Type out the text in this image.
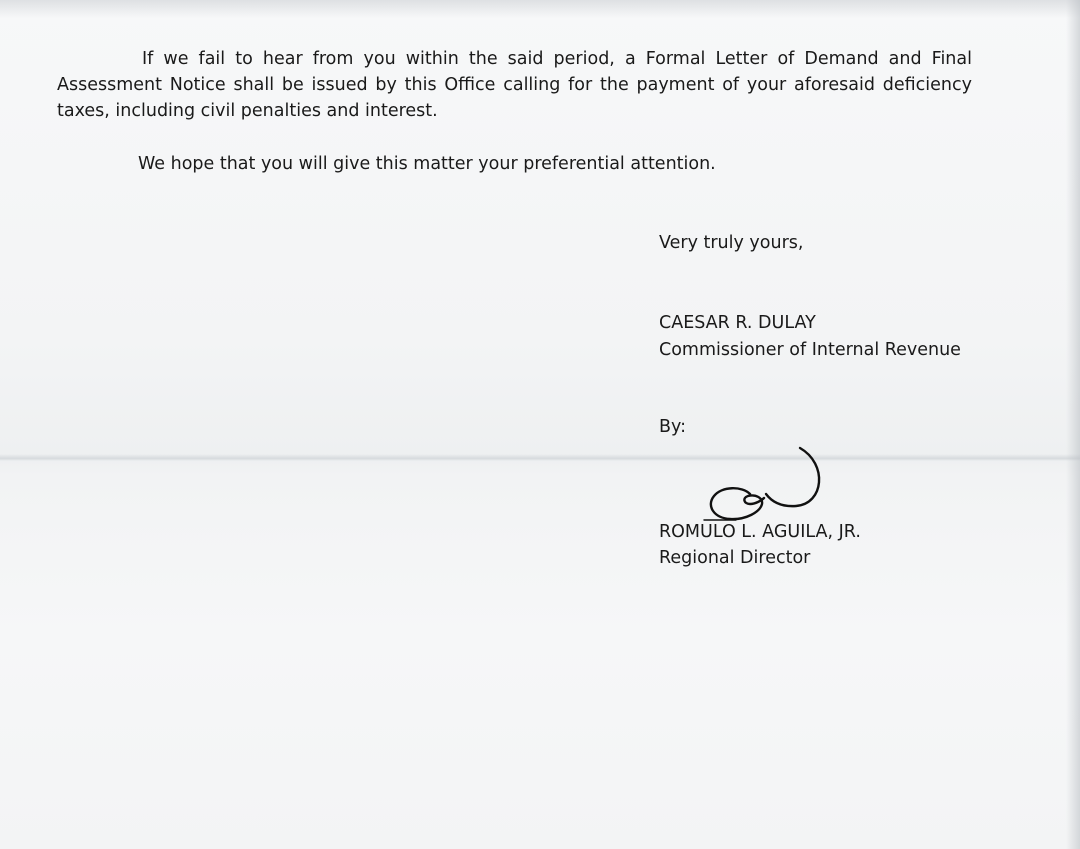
If we fail to hear from you within the said period, a Formal Letter of Demand and Final Assessment Notice shall be issued by this Office calling for the payment of your aforesaid deficiency taxes, including civil penalties and interest.

We hope that you will give this matter your preferential attention.

Very truly yours,
CAESAR R. DULAY
Commissioner of Internal Revenue
By:
ROMULO L. AGUILA, JR.
Regional Director
